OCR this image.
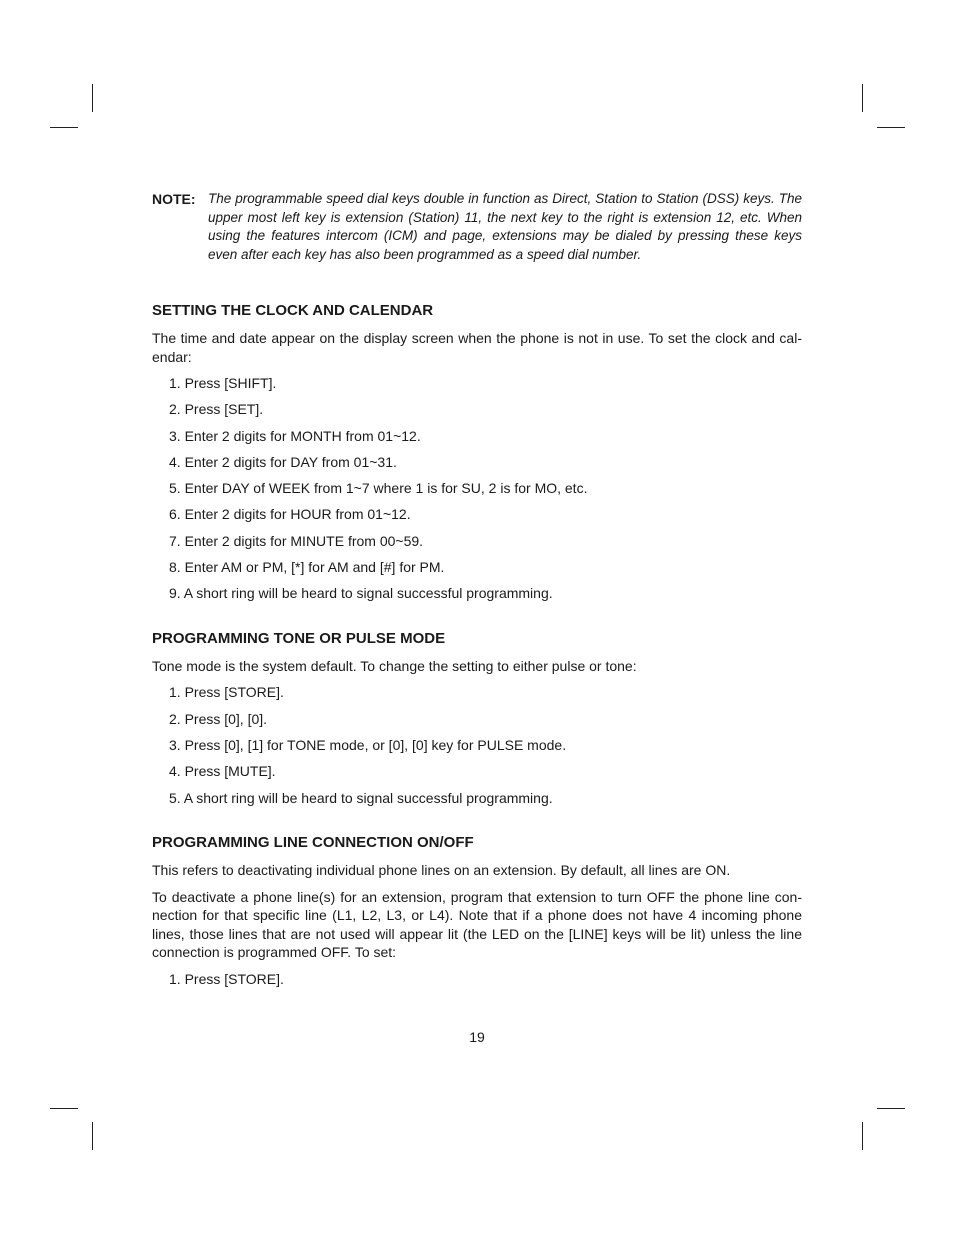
NOTE: The programmable speed dial keys double in function as Direct, Station to Station (DSS) keys. The upper most left key is extension (Station) 11, the next key to the right is extension 12, etc. When using the features intercom (ICM) and page, extensions may be dialed by pressing these keys even after each key has also been programmed as a speed dial number.
SETTING THE CLOCK AND CALENDAR

The time and date appear on the display screen when the phone is not in use. To set the clock and cal-endar:

1. Press [SHIFT].
2. Press [SET].
3. Enter 2 digits for MONTH from 01~12.
4. Enter 2 digits for DAY from 01~31.
5. Enter DAY of WEEK from 1~7 where 1 is for SU, 2 is for MO, etc.
6. Enter 2 digits for HOUR from 01~12.
7. Enter 2 digits for MINUTE from 00~59.
8. Enter AM or PM, [*] for AM and [#] for PM.
9. A short ring will be heard to signal successful programming.
PROGRAMMING TONE OR PULSE MODE

Tone mode is the system default. To change the setting to either pulse or tone:

1. Press [STORE].
2. Press [0], [0].
3. Press [0], [1] for TONE mode, or [0], [0] key for PULSE mode.
4. Press [MUTE].
5. A short ring will be heard to signal successful programming.
PROGRAMMING LINE CONNECTION ON/OFF

This refers to deactivating individual phone lines on an extension. By default, all lines are ON.

To deactivate a phone line(s) for an extension, program that extension to turn OFF the phone line con-nection for that specific line (L1, L2, L3, or L4). Note that if a phone does not have 4 incoming phone lines, those lines that are not used will appear lit (the LED on the [LINE] keys will be lit) unless the line connection is programmed OFF. To set:

1. Press [STORE].
19
